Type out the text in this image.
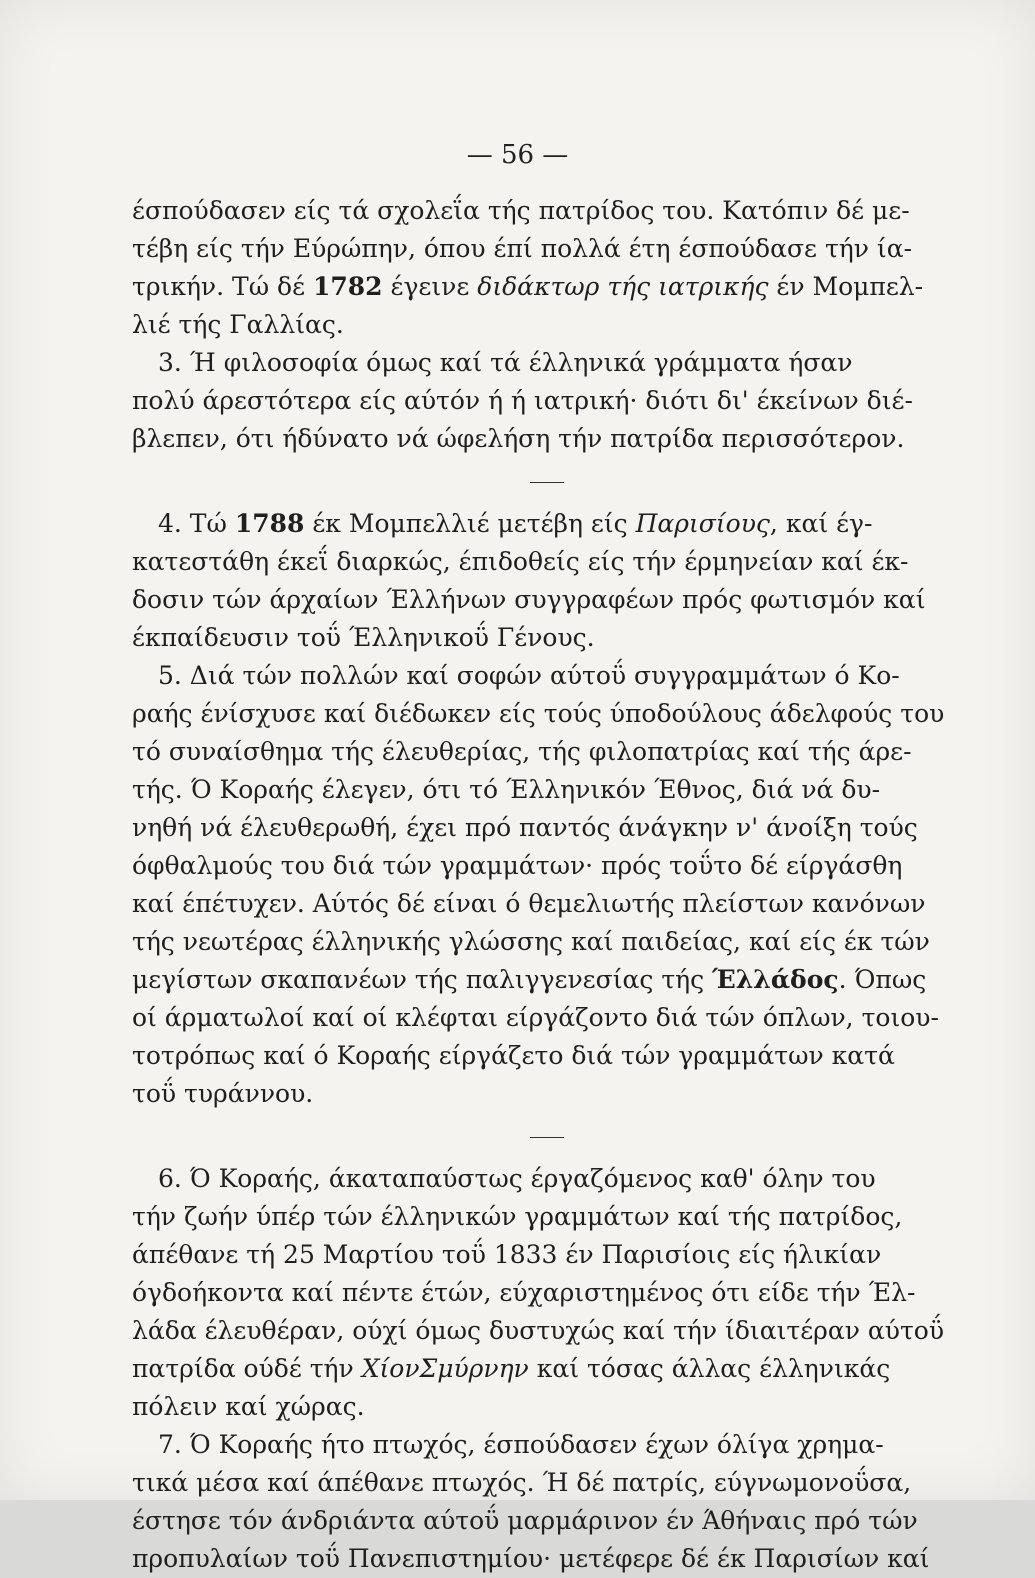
— 56 —
έσπούδασεν είς τά σχολεΐα τής πατρίδος του. Κατόπιν δέ με-
τέβη είς τήν Εύρώπην, όπου έπί πολλά έτη έσπούδασε τήν ία-
τρικήν. Τώ δέ 1782 έγεινε διδάκτωρ τής ιατρικής έν Μομπελ-
λιέ τής Γαλλίας.
3. Ή φιλοσοφία όμως καί τά έλληνικά γράμματα ήσαν
πολύ άρεστότερα είς αύτόν ή ή ιατρική· διότι δι' έκείνων διέ-
βλεπεν, ότι ήδύνατο νά ώφελήση τήν πατρίδα περισσότερον.
4. Τώ 1788 έκ Μομπελλιέ μετέβη είς Παρισίους, καί έγ-
κατεστάθη έκεΐ διαρκώς, έπιδοθείς είς τήν έρμηνείαν καί έκ-
δοσιν τών άρχαίων Έλλήνων συγγραφέων πρός φωτισμόν καί
έκπαίδευσιν τοΰ Έλληνικοΰ Γένους.
5. Διά τών πολλών καί σοφών αύτοΰ συγγραμμάτων ό Κο-
ραής ένίσχυσε καί διέδωκεν είς τούς ύποδούλους άδελφούς του
τό συναίσθημα τής έλευθερίας, τής φιλοπατρίας καί τής άρε-
τής. Ό Κοραής έλεγεν, ότι τό Έλληνικόν Έθνος, διά νά δυ-
νηθή νά έλευθερωθή, έχει πρό παντός άνάγκην ν' άνοίξη τούς
όφθαλμούς του διά τών γραμμάτων· πρός τοΰτο δέ είργάσθη
καί έπέτυχεν. Αύτός δέ είναι ό θεμελιωτής πλείστων κανόνων
τής νεωτέρας έλληνικής γλώσσης καί παιδείας, καί είς έκ τών
μεγίστων σκαπανέων τής παλιγγενεσίας τής Έλλάδος. Όπως
οί άρματωλοί καί οί κλέφται είργάζοντο διά τών όπλων, τοιου-
τοτρόπως καί ό Κοραής είργάζετο διά τών γραμμάτων κατά
τοΰ τυράννου.
6. Ό Κοραής, άκαταπαύστως έργαζόμενος καθ' όλην του
τήν ζωήν ύπέρ τών έλληνικών γραμμάτων καί τής πατρίδος,
άπέθανε τή 25 Μαρτίου τοΰ 1833 έν Παρισίοις είς ήλικίαν
όγδοήκοντα καί πέντε έτών, εύχαριστημένος ότι είδε τήν Έλ-
λάδα έλευθέραν, ούχί όμως δυστυχώς καί τήν ίδιαιτέραν αύτοΰ
πατρίδα ούδέ τήν ΧίονΣμύρνην καί τόσας άλλας έλληνικάς
πόλειν καί χώρας.
7. Ό Κοραής ήτο πτωχός, έσπούδασεν έχων όλίγα χρημα-
τικά μέσα καί άπέθανε πτωχός. Ή δέ πατρίς, εύγνωμονοΰσα,
έστησε τόν άνδριάντα αύτοΰ μαρμάρινον έν Άθήναις πρό τών
προπυλαίων τοΰ Πανεπιστημίου· μετέφερε δέ έκ Παρισίων καί
